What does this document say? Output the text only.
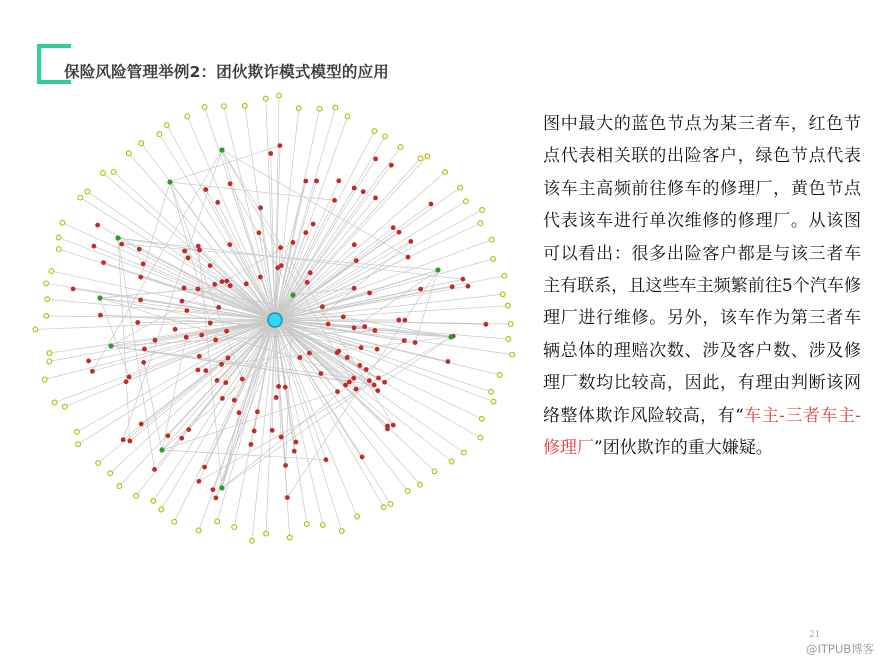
保险风险管理举例2：团伙欺诈模式模型的应用
图中最大的蓝色节点为某三者车，红色节点代表相关联的出险客户，绿色节点代表该车主高频前往修车的修理厂，黄色节点代表该车进行单次维修的修理厂。从该图可以看出：很多出险客户都是与该三者车主有联系，且这些车主频繁前往5个汽车修理厂进行维修。另外，该车作为第三者车辆总体的理赔次数、涉及客户数、涉及修理厂数均比较高，因此，有理由判断该网络整体欺诈风险较高，有“车主-三者车主-修理厂”团伙欺诈的重大嫌疑。
21
@ITPUB博客
